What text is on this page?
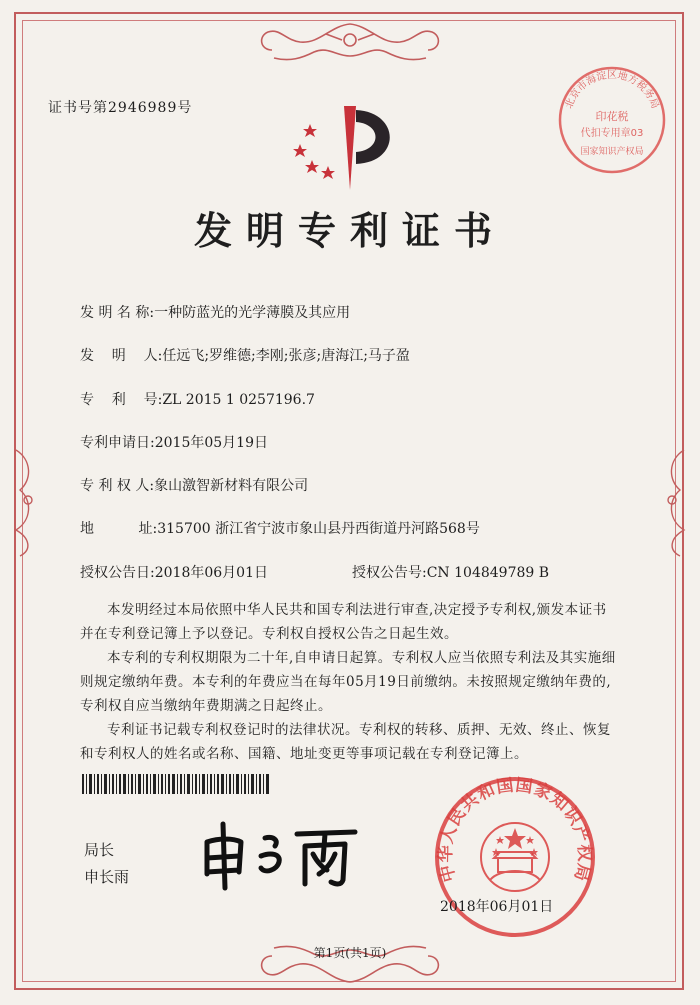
证书号第2946989号	北京市海淀区地方税务局
印花税
代扣专用章03
国家知识产权局
发明专利证书
发 明 名 称:一种防蓝光的光学薄膜及其应用
发    明    人:任远飞;罗维德;李刚;张彦;唐海江;马子盈
专    利    号:ZL 2015 1 0257196.7
专利申请日:2015年05月19日
专 利 权 人:象山激智新材料有限公司
地          址:315700 浙江省宁波市象山县丹西街道丹河路568号
授权公告日:2018年06月01日	授权公告号:CN 104849789 B

本发明经过本局依照中华人民共和国专利法进行审查,决定授予专利权,颁发本证书并在专利登记簿上予以登记。专利权自授权公告之日起生效。

本专利的专利权期限为二十年,自申请日起算。专利权人应当依照专利法及其实施细则规定缴纳年费。本专利的年费应当在每年05月19日前缴纳。未按照规定缴纳年费的,专利权自应当缴纳年费期满之日起终止。

专利证书记载专利权登记时的法律状况。专利权的转移、质押、无效、终止、恢复和专利权人的姓名或名称、国籍、地址变更等事项记载在专利登记簿上。

局长
申长雨	中华人民共和国国家知识产权局
2018年06月01日
第1页(共1页)
